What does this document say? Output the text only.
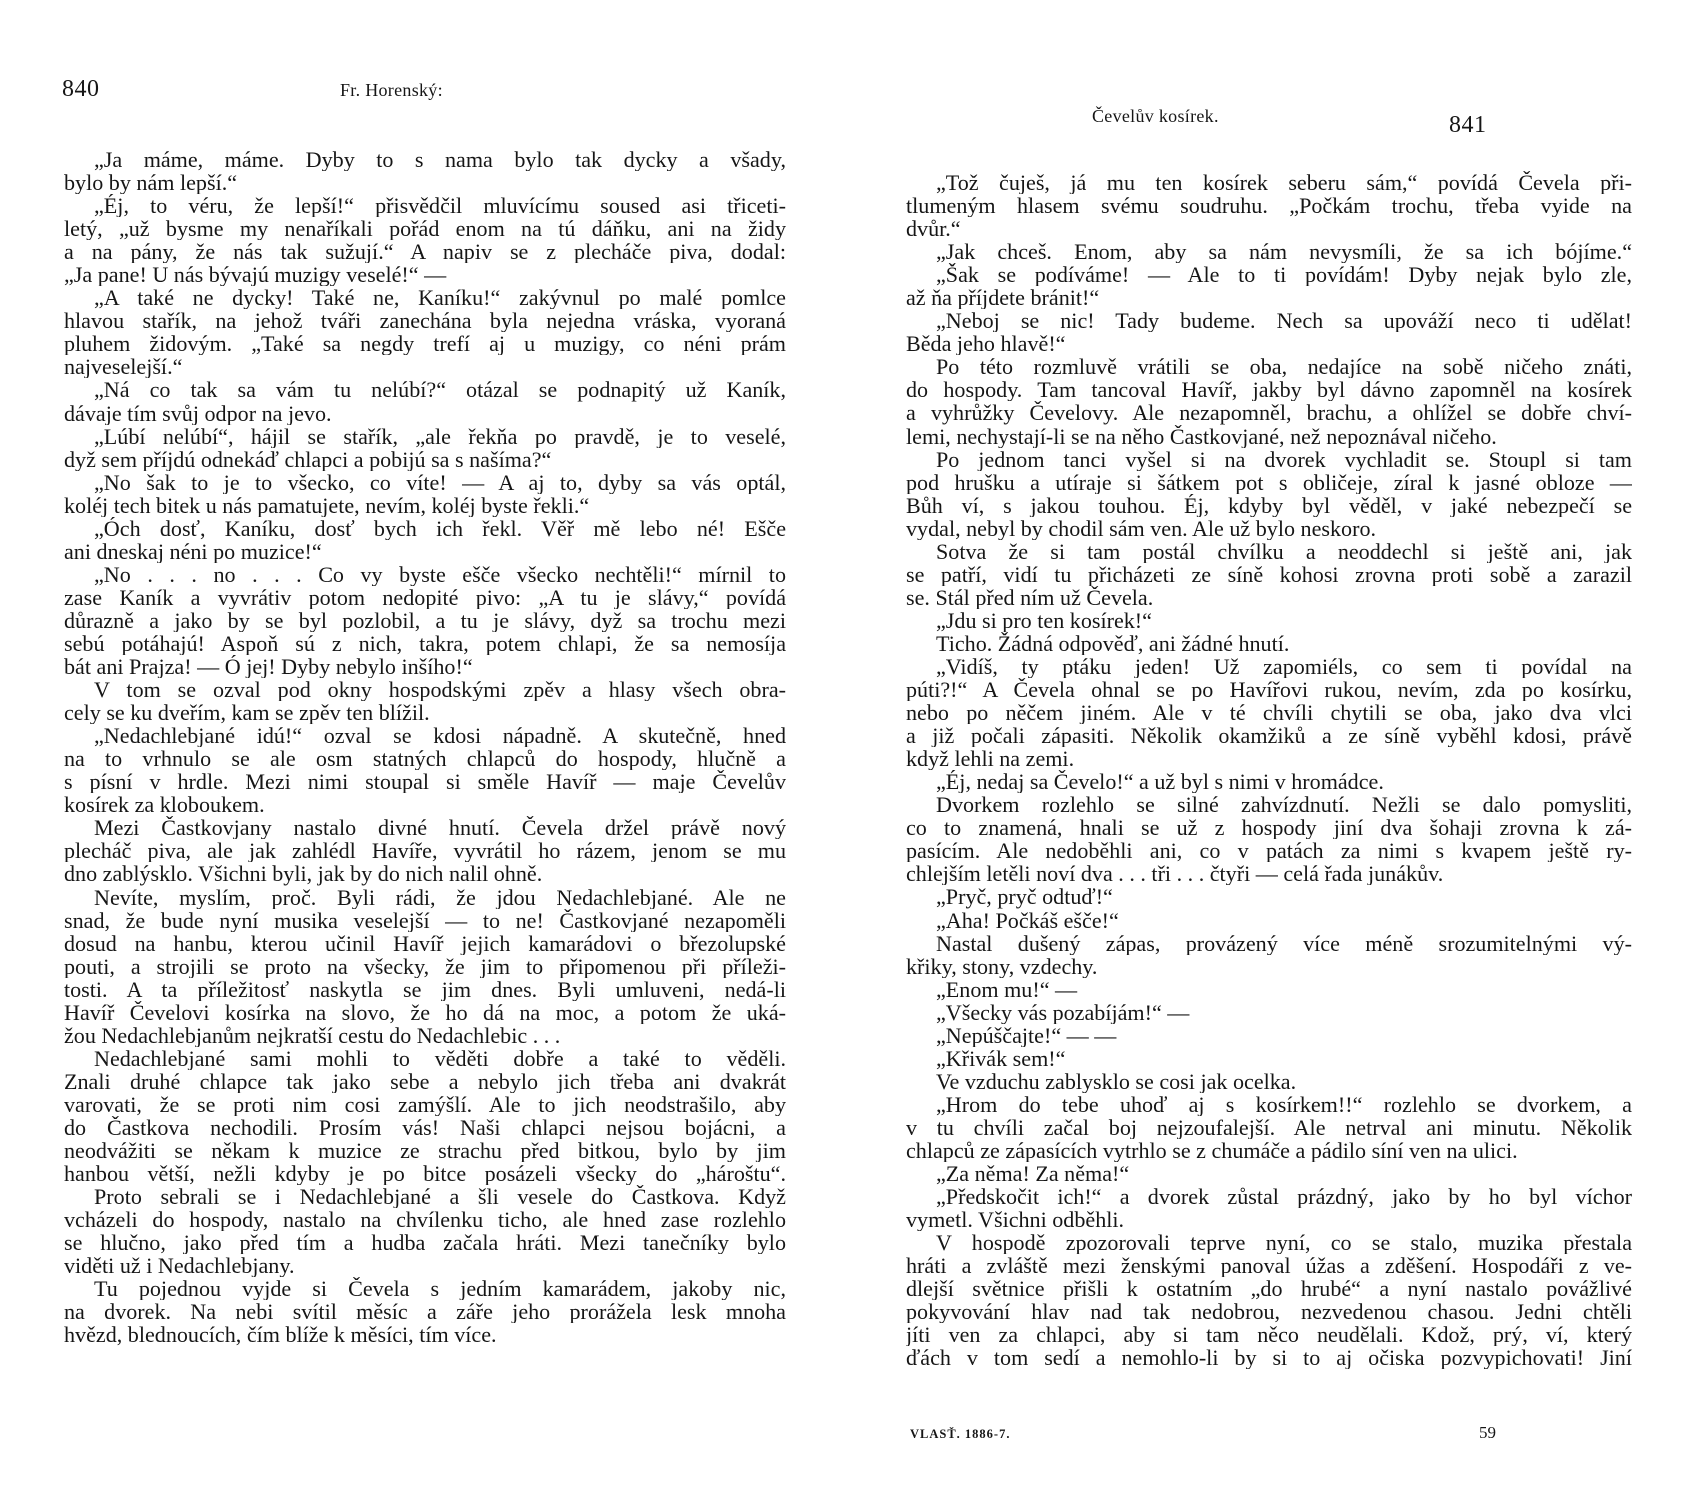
840	Fr. Horenský:
„Ja máme, máme. Dyby to s nama bylo tak dycky a všady,
bylo by nám lepší.“
„Éj, to véru, že lepší!“ přisvědčil mluvícímu soused asi třiceti-
letý, „už bysme my nenaříkali pořád enom na tú dáňku, ani na židy
a na pány, že nás tak sužují.“ A napiv se z plecháče piva, dodal:
„Ja pane! U nás bývajú muzigy veselé!“ —
„A také ne dycky! Také ne, Kaníku!“ zakývnul po malé pomlce
hlavou stařík, na jehož tváři zanechána byla nejedna vráska, vyoraná
pluhem židovým. „Také sa negdy trefí aj u muzigy, co néni prám
najveselejší.“
„Ná co tak sa vám tu nelúbí?“ otázal se podnapitý už Kaník,
dávaje tím svůj odpor na jevo.
„Lúbí nelúbí“, hájil se stařík, „ale řekňa po pravdě, je to veselé,
dyž sem příjdú odnekáď chlapci a pobijú sa s našíma?“
„No šak to je to všecko, co víte! — A aj to, dyby sa vás optál,
koléj tech bitek u nás pamatujete, nevím, koléj byste řekli.“
„Óch dosť, Kaníku, dosť bych ich řekl. Věř mě lebo né! Ešče
ani dneskaj néni po muzice!“
„No . . . no . . . Co vy byste ešče všecko nechtěli!“ mírnil to
zase Kaník a vyvrátiv potom nedopité pivo: „A tu je slávy,“ povídá
důrazně a jako by se byl pozlobil, a tu je slávy, dyž sa trochu mezi
sebú potáhajú! Aspoň sú z nich, takra, potem chlapi, že sa nemosíja
bát ani Prajza! — Ó jej! Dyby nebylo inšího!“
V tom se ozval pod okny hospodskými zpěv a hlasy všech obra-
cely se ku dveřím, kam se zpěv ten blížil.
„Nedachlebjané idú!“ ozval se kdosi nápadně. A skutečně, hned
na to vrhnulo se ale osm statných chlapců do hospody, hlučně a
s písní v hrdle. Mezi nimi stoupal si směle Havíř — maje Čevelův
kosírek za kloboukem.
Mezi Častkovjany nastalo divné hnutí. Čevela držel právě nový
plecháč piva, ale jak zahlédl Havíře, vyvrátil ho rázem, jenom se mu
dno zablýsklo. Všichni byli, jak by do nich nalil ohně.
Nevíte, myslím, proč. Byli rádi, že jdou Nedachlebjané. Ale ne
snad, že bude nyní musika veselejší — to ne! Častkovjané nezapoměli
dosud na hanbu, kterou učinil Havíř jejich kamarádovi o březolupské
pouti, a strojili se proto na všecky, že jim to připomenou při příleži-
tosti. A ta příležitosť naskytla se jim dnes. Byli umluveni, nedá-li
Havíř Čevelovi kosírka na slovo, že ho dá na moc, a potom že uká-
žou Nedachlebjanům nejkratší cestu do Nedachlebic . . .
Nedachlebjané sami mohli to věděti dobře a také to věděli.
Znali druhé chlapce tak jako sebe a nebylo jich třeba ani dvakrát
varovati, že se proti nim cosi zamýšlí. Ale to jich neodstrašilo, aby
do Častkova nechodili. Prosím vás! Naši chlapci nejsou bojácni, a
neodvážiti se někam k muzice ze strachu před bitkou, bylo by jim
hanbou větší, nežli kdyby je po bitce posázeli všecky do „hároštu“.
Proto sebrali se i Nedachlebjané a šli vesele do Častkova. Když
vcházeli do hospody, nastalo na chvílenku ticho, ale hned zase rozlehlo
se hlučno, jako před tím a hudba začala hráti. Mezi tanečníky bylo
viděti už i Nedachlebjany.
Tu pojednou vyjde si Čevela s jedním kamarádem, jakoby nic,
na dvorek. Na nebi svítil měsíc a záře jeho prorážela lesk mnoha
hvězd, blednoucích, čím blíže k měsíci, tím více.
Čevelův kosírek.	841
„Tož čuješ, já mu ten kosírek seberu sám,“ povídá Čevela při-
tlumeným hlasem svému soudruhu. „Počkám trochu, třeba vyide na
dvůr.“
„Jak chceš. Enom, aby sa nám nevysmíli, že sa ich bójíme.“
„Šak se podíváme! — Ale to ti povídám! Dyby nejak bylo zle,
až ňa příjdete bránit!“
„Neboj se nic! Tady budeme. Nech sa upováží neco ti udělat!
Běda jeho hlavě!“
Po této rozmluvě vrátili se oba, nedajíce na sobě ničeho znáti,
do hospody. Tam tancoval Havíř, jakby byl dávno zapomněl na kosírek
a vyhrůžky Čevelovy. Ale nezapomněl, brachu, a ohlížel se dobře chví-
lemi, nechystají-li se na něho Častkovjané, než nepoznával ničeho.
Po jednom tanci vyšel si na dvorek vychladit se. Stoupl si tam
pod hrušku a utíraje si šátkem pot s obličeje, zíral k jasné obloze —
Bůh ví, s jakou touhou. Éj, kdyby byl věděl, v jaké nebezpečí se
vydal, nebyl by chodil sám ven. Ale už bylo neskoro.
Sotva že si tam postál chvílku a neoddechl si ještě ani, jak
se patří, vidí tu přicházeti ze síně kohosi zrovna proti sobě a zarazil
se. Stál před ním už Čevela.
„Jdu si pro ten kosírek!“
Ticho. Žádná odpověď, ani žádné hnutí.
„Vidíš, ty ptáku jeden! Už zapomiéls, co sem ti povídal na
púti?!“ A Čevela ohnal se po Havířovi rukou, nevím, zda po kosírku,
nebo po něčem jiném. Ale v té chvíli chytili se oba, jako dva vlci
a již počali zápasiti. Několik okamžiků a ze síně vyběhl kdosi, právě
když lehli na zemi.
„Éj, nedaj sa Čevelo!“ a už byl s nimi v hromádce.
Dvorkem rozlehlo se silné zahvízdnutí. Nežli se dalo pomysliti,
co to znamená, hnali se už z hospody jiní dva šohaji zrovna k zá-
pasícím. Ale nedoběhli ani, co v patách za nimi s kvapem ještě ry-
chlejším letěli noví dva . . . tři . . . čtyři — celá řada junákův.
„Pryč, pryč odtuď!“
„Aha! Počkáš ešče!“
Nastal dušený zápas, provázený více méně srozumitelnými vý-
křiky, stony, vzdechy.
„Enom mu!“ —
„Všecky vás pozabíjám!“ —
„Nepúščajte!“ — —
„Křivák sem!“
Ve vzduchu zablysklo se cosi jak ocelka.
„Hrom do tebe uhoď aj s kosírkem!!“ rozlehlo se dvorkem, a
v tu chvíli začal boj nejzoufalejší. Ale netrval ani minutu. Několik
chlapců ze zápasících vytrhlo se z chumáče a pádilo síní ven na ulici.
„Za něma! Za něma!“
„Předskočit ich!“ a dvorek zůstal prázdný, jako by ho byl víchor
vymetl. Všichni odběhli.
V hospodě zpozorovali teprve nyní, co se stalo, muzika přestala
hráti a zvláště mezi ženskými panoval úžas a zděšení. Hospodáři z ve-
dlejší světnice přišli k ostatním „do hrubé“ a nyní nastalo povážlivé
pokyvování hlav nad tak nedobrou, nezvedenou chasou. Jedni chtěli
jíti ven za chlapci, aby si tam něco neudělali. Kdož, prý, ví, který
ďách v tom sedí a nemohlo-li by si to aj očiska pozvypichovati! Jiní
VLASŤ. 1886-7.	59
